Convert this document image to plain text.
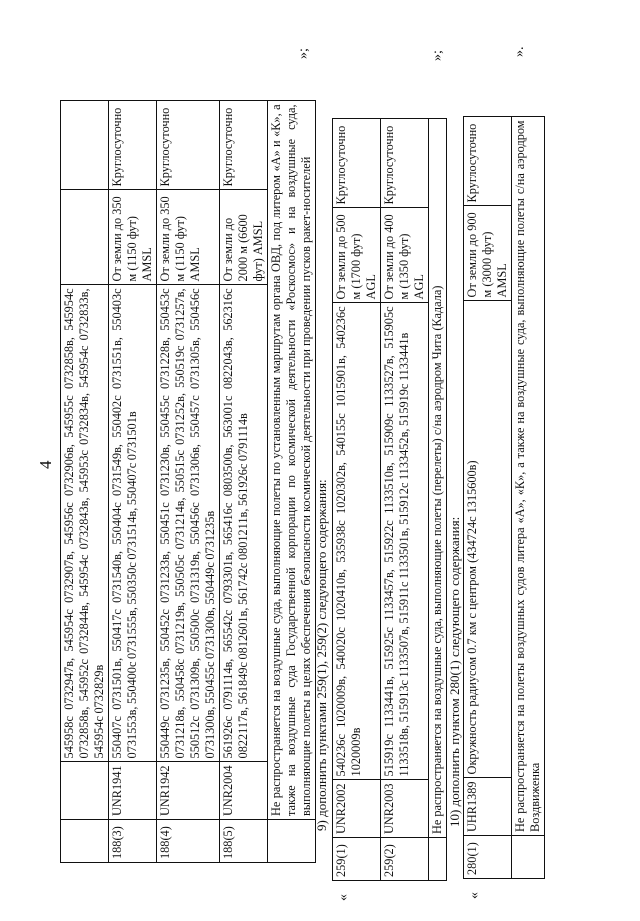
4
		545958с 0732947в, 545954с 0732907в, 545956с 0732906в, 545955с 0732858в, 545954с 0732858в, 545952с 0732844в, 545954с 0732843в, 545953с 0732834в, 545954с 0732833в, 545954с 0732829в		
188(3)	UNR1941	550407с 0731501в, 550417с 0731540в, 550404с 0731549в, 550402с 0731551в, 550403с 0731553в, 550400с 0731555в, 550350с 0731514в, 550407с 0731501в	От земли до 350 м (1150 фут) AMSL	Круглосуточно
188(4)	UNR1942	550449с 0731235в, 550452с 0731233в, 550451с 0731230в, 550455с 0731228в, 550453с 0731218в, 550458с 0731219в, 550505с 0731214в, 550515с 0731252в, 550519с 0731257в, 550512с 0731309в, 550500с 0731319в, 550456с 0731306в, 550457с 0731305в, 550456с 0731300в, 550455с 0731300в, 550449с 0731235в	От земли до 350 м (1150 фут) AMSL	Круглосуточно
188(5)	UNR2004	561926с 0791114в, 565542с 0793301в, 565416с 0803500в, 563001с 0822043в, 562316с 0822117в, 561849с 0812601в, 561742с 0801211в, 561926с 0791114в	От земли до 2000 м (6600 фут) AMSL	Круглосуточно
	Не распространяется на воздушные суда, выполняющие полеты по установленным маршрутам органа ОВД, под литером «А» и «К», а также на воздушные суда Государственной корпорации по космической деятельности «Роскосмос» и на воздушные суда, выполняющие полеты в целях обеспечения безопасности космической деятельности при проведении пусков ракет-носителей			
»;
9) дополнить пунктами 259(1), 259(2) следующего содержания:
«
259(1)	UNR2002	540236с 1020009в, 540020с 1020410в, 535938с 1020302в, 540155с 1015901в, 540236с 1020009в	От земли до 500 м (1700 фут) AGL	Круглосуточно
259(2)	UNR2003	515919с 1133441в, 515925с 1133457в, 515922с 1133510в, 515909с 1133527в, 515905с 1133518в, 515913с 1133507в, 515911с 1133501в, 515912с 1133452в, 515919с 1133441в	От земли до 400 м (1350 фут) AGL	Круглосуточно
	Не распространяется на воздушные суда, выполняющие полеты (перелеты) с/на аэродром Чита (Кадала)			
»;
10) дополнить пунктом 280(1) следующего содержания:
«
280(1)	UHR1389	Окружность радиусом 0.7 км с центром (434724с 1315600в)	От земли до 900 м (3000 фут) AMSL	Круглосуточно
	Не распространяется на полеты воздушных судов литера «А», «К», а также на воздушные суда, выполняющие полеты с/на аэродром Воздвиженка			
».
